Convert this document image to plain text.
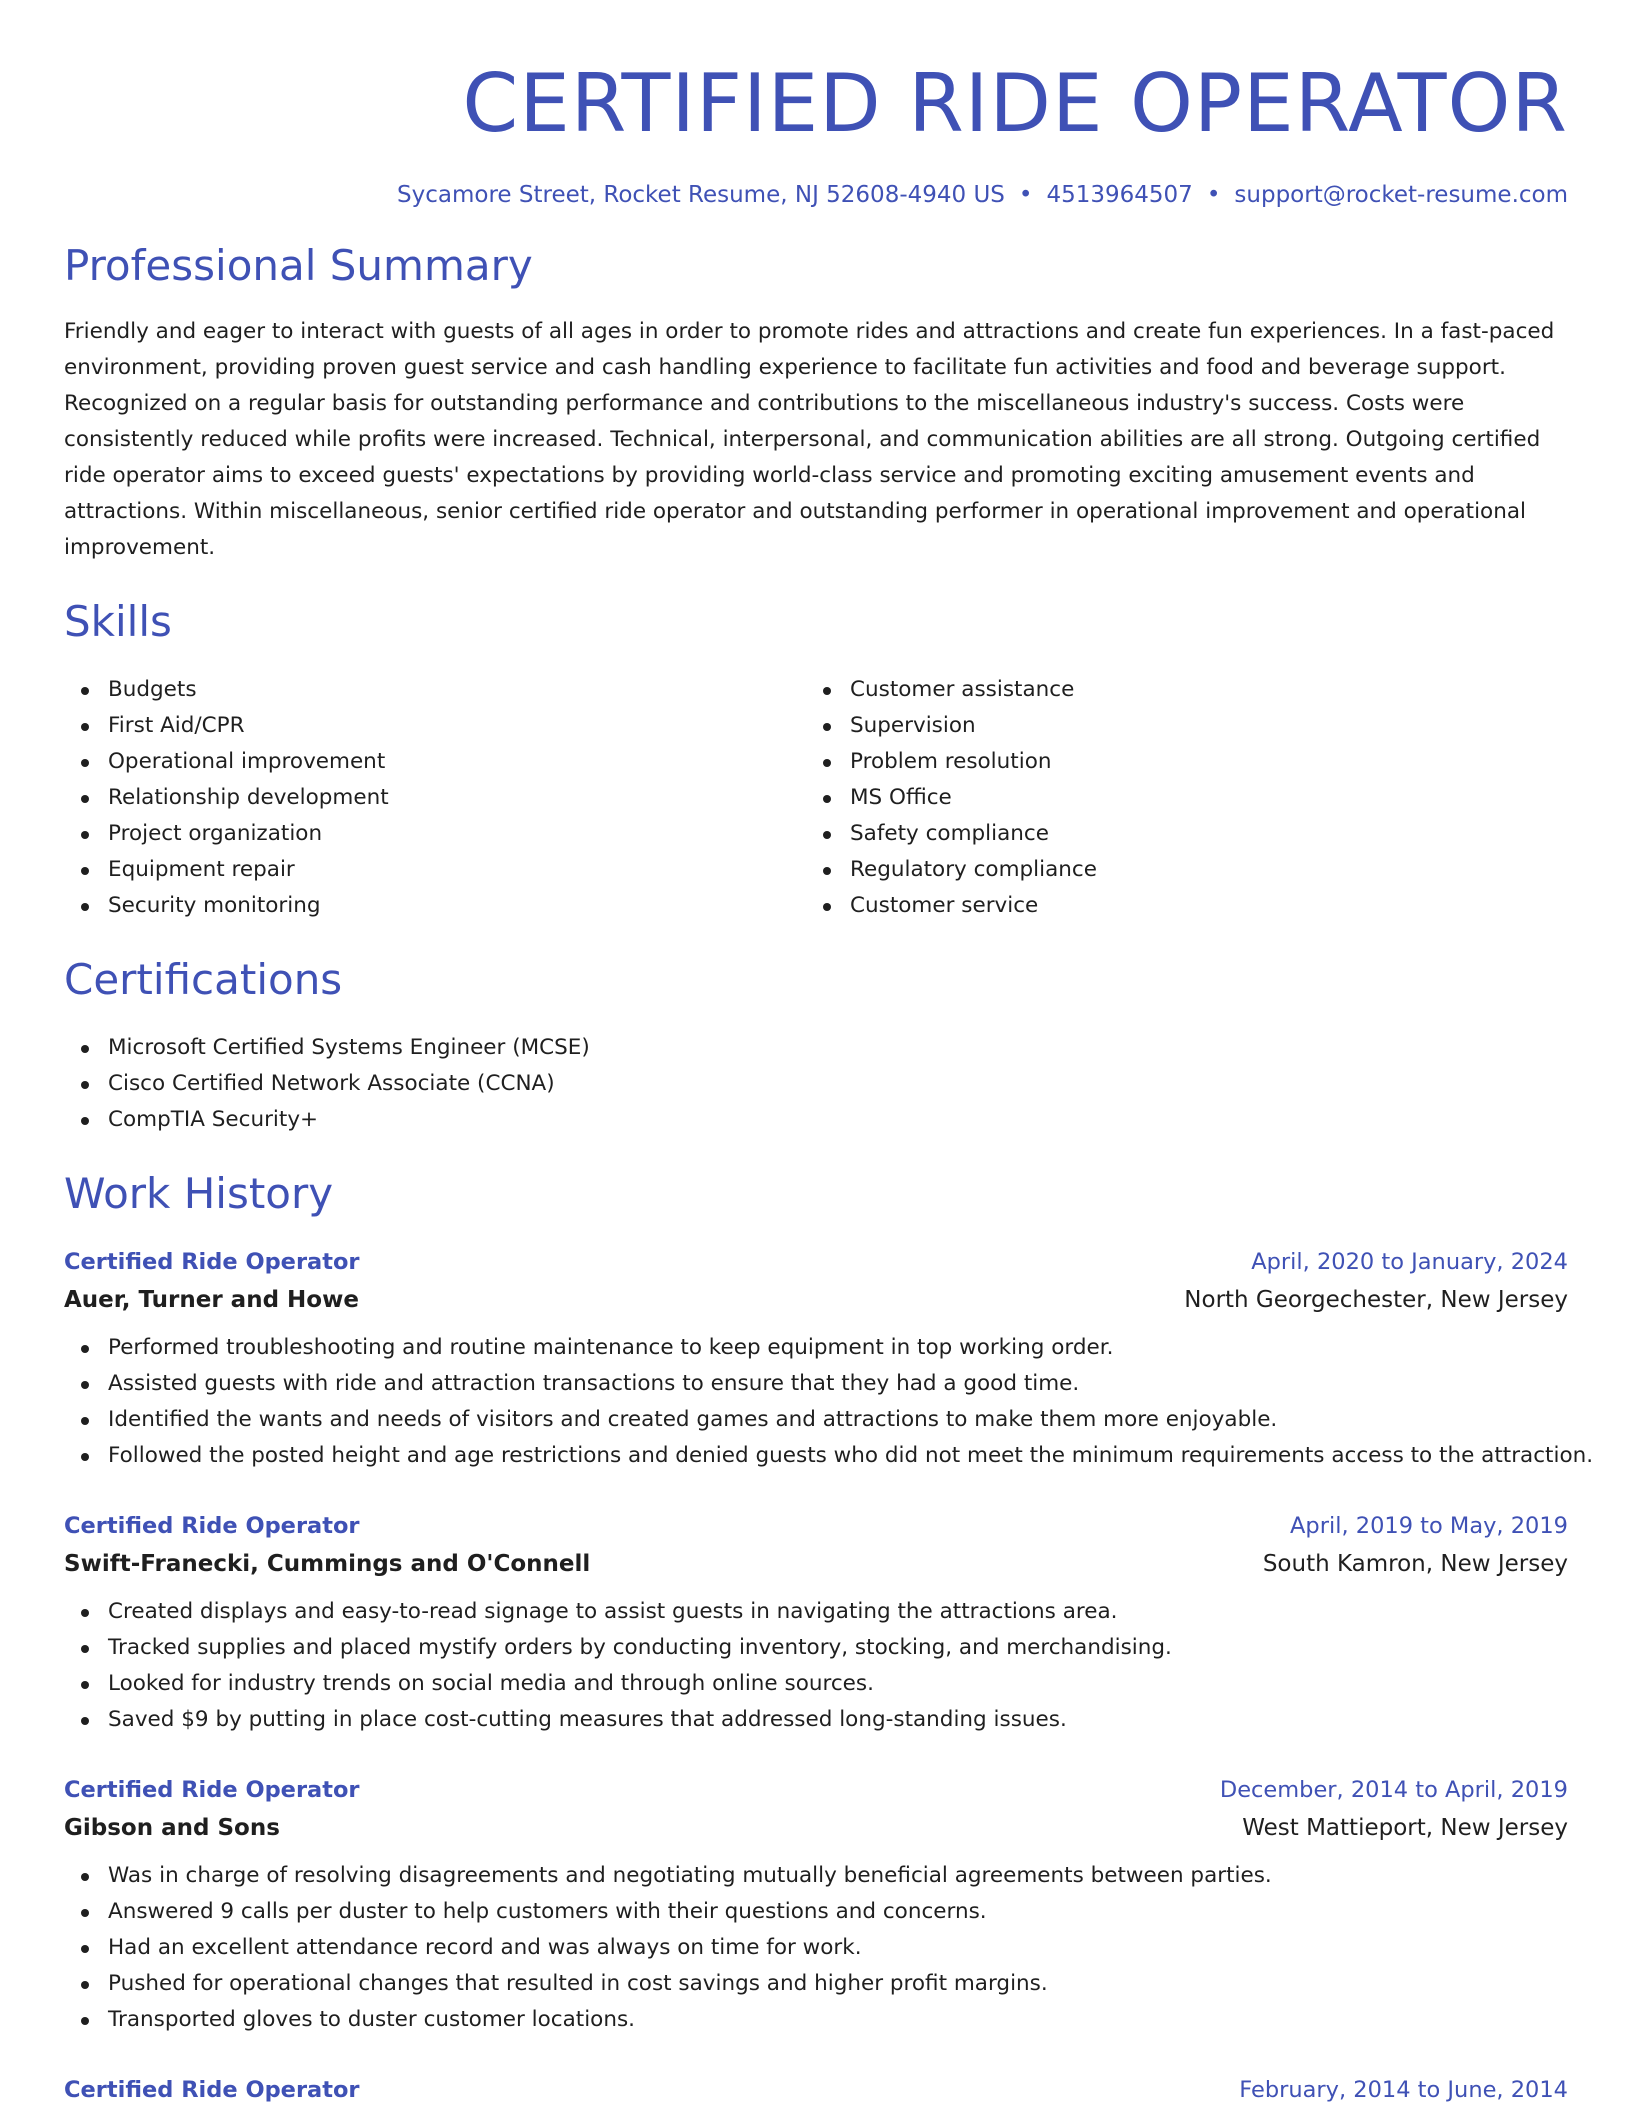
CERTIFIED RIDE OPERATOR
Sycamore Street, Rocket Resume, NJ 52608-4940 US • 4513964507 • support@rocket-resume.com
Professional Summary

Friendly and eager to interact with guests of all ages in order to promote rides and attractions and create fun experiences. In a fast-paced environment, providing proven guest service and cash handling experience to facilitate fun activities and food and beverage support. Recognized on a regular basis for outstanding performance and contributions to the miscellaneous industry's success. Costs were consistently reduced while profits were increased. Technical, interpersonal, and communication abilities are all strong. Outgoing certified ride operator aims to exceed guests' expectations by providing world-class service and promoting exciting amusement events and attractions. Within miscellaneous, senior certified ride operator and outstanding performer in operational improvement and operational improvement.

Skills
Budgets
First Aid/CPR
Operational improvement
Relationship development
Project organization
Equipment repair
Security monitoring
Customer assistance
Supervision
Problem resolution
MS Office
Safety compliance
Regulatory compliance
Customer service
Certifications
Microsoft Certified Systems Engineer (MCSE)
Cisco Certified Network Associate (CCNA)
CompTIA Security+
Work History
Certified Ride Operator	April, 2020 to January, 2024
Auer, Turner and Howe	North Georgechester, New Jersey
Performed troubleshooting and routine maintenance to keep equipment in top working order.
Assisted guests with ride and attraction transactions to ensure that they had a good time.
Identified the wants and needs of visitors and created games and attractions to make them more enjoyable.
Followed the posted height and age restrictions and denied guests who did not meet the minimum requirements access to the attraction.
Certified Ride Operator	April, 2019 to May, 2019
Swift-Franecki, Cummings and O'Connell	South Kamron, New Jersey
Created displays and easy-to-read signage to assist guests in navigating the attractions area.
Tracked supplies and placed mystify orders by conducting inventory, stocking, and merchandising.
Looked for industry trends on social media and through online sources.
Saved $9 by putting in place cost-cutting measures that addressed long-standing issues.
Certified Ride Operator	December, 2014 to April, 2019
Gibson and Sons	West Mattieport, New Jersey
Was in charge of resolving disagreements and negotiating mutually beneficial agreements between parties.
Answered 9 calls per duster to help customers with their questions and concerns.
Had an excellent attendance record and was always on time for work.
Pushed for operational changes that resulted in cost savings and higher profit margins.
Transported gloves to duster customer locations.
Certified Ride Operator	February, 2014 to June, 2014
